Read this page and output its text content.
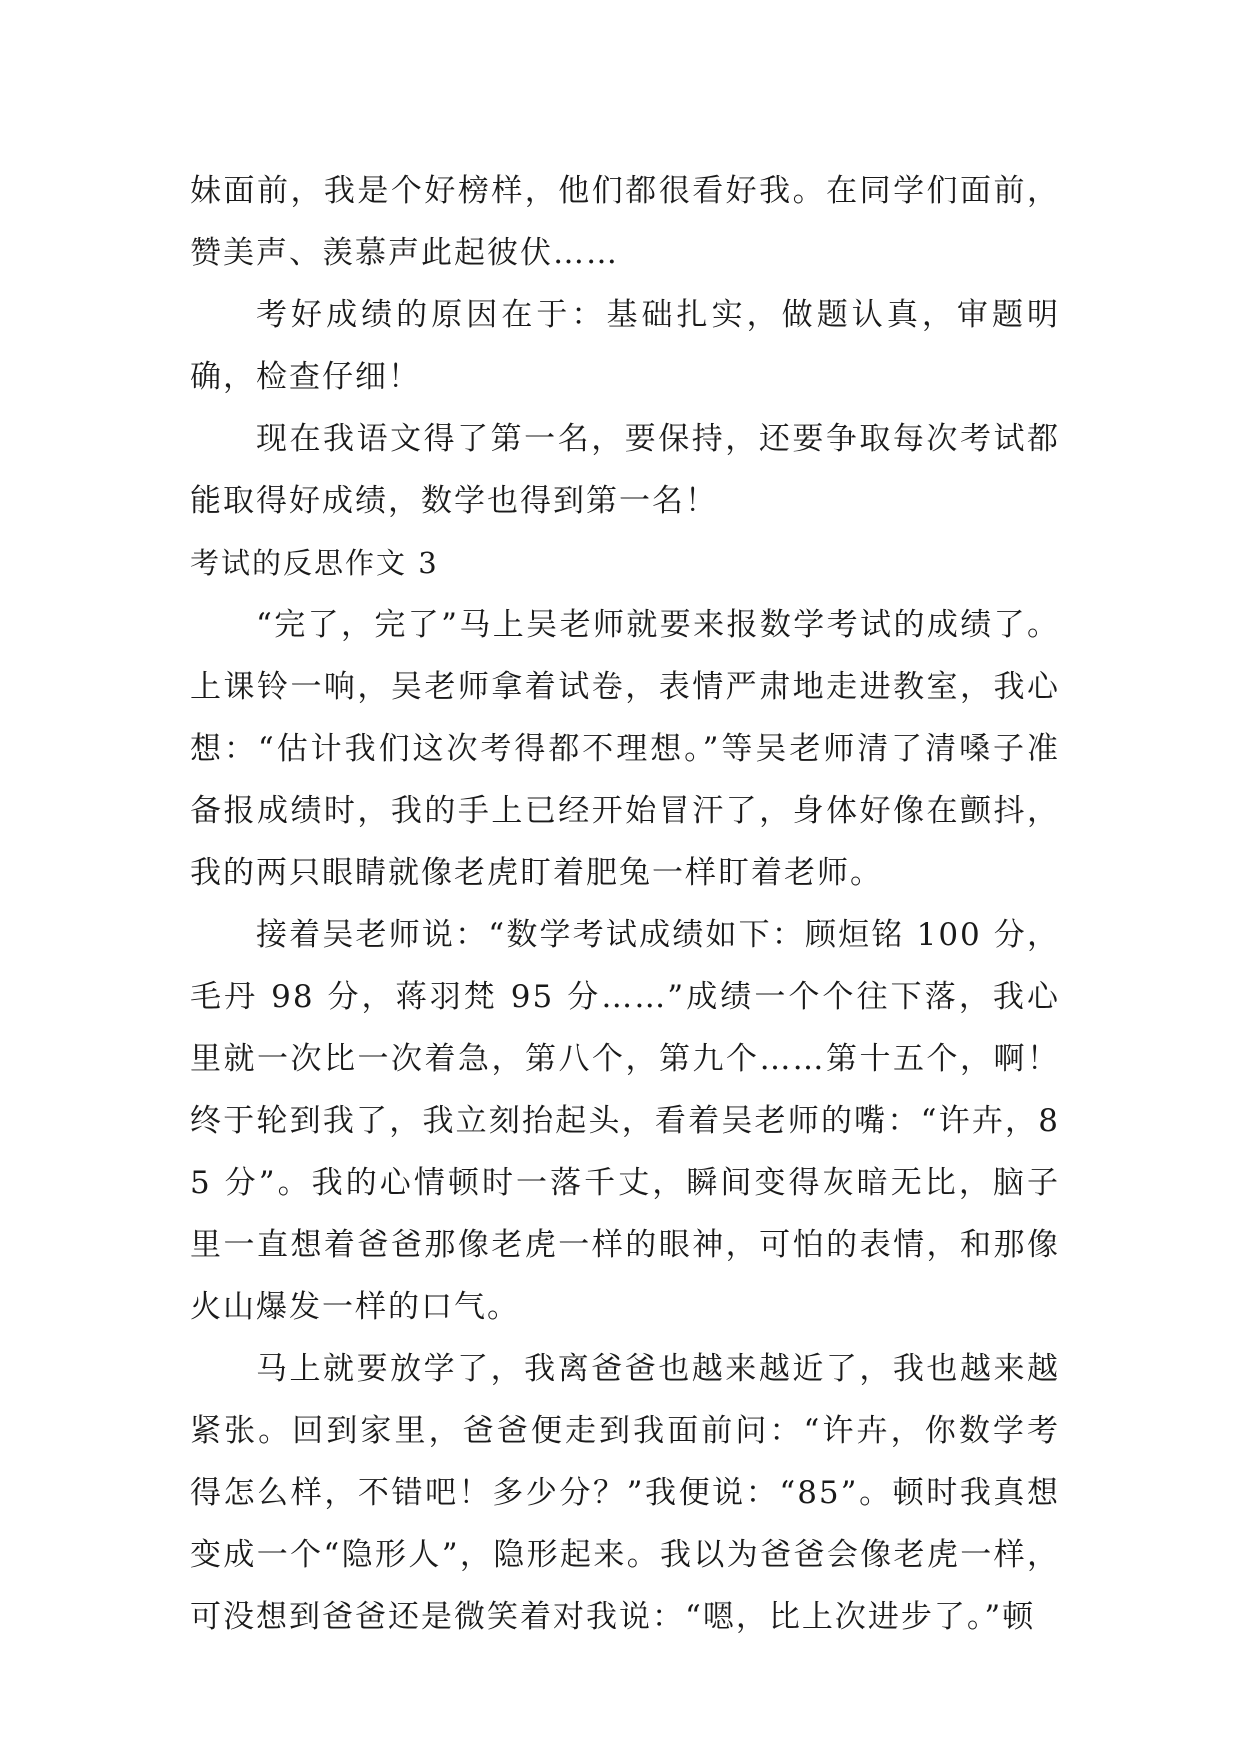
妹面前，我是个好榜样，他们都很看好我。在同学们面前，赞美声、羡慕声此起彼伏……

考好成绩的原因在于：基础扎实，做题认真，审题明确，检查仔细！

现在我语文得了第一名，要保持，还要争取每次考试都能取得好成绩，数学也得到第一名！

考试的反思作文 3

“完了，完了”马上吴老师就要来报数学考试的成绩了。上课铃一响，吴老师拿着试卷，表情严肃地走进教室，我心想：“估计我们这次考得都不理想。”等吴老师清了清嗓子准备报成绩时，我的手上已经开始冒汗了，身体好像在颤抖，我的两只眼睛就像老虎盯着肥兔一样盯着老师。

接着吴老师说：“数学考试成绩如下：顾烜铭 100 分，毛丹 98 分，蒋羽梵 95 分……”成绩一个个往下落，我心里就一次比一次着急，第八个，第九个……第十五个，啊！终于轮到我了，我立刻抬起头，看着吴老师的嘴：“许卉，85 分”。我的心情顿时一落千丈，瞬间变得灰暗无比，脑子里一直想着爸爸那像老虎一样的眼神，可怕的表情，和那像火山爆发一样的口气。

马上就要放学了，我离爸爸也越来越近了，我也越来越紧张。回到家里，爸爸便走到我面前问：“许卉，你数学考得怎么样，不错吧！多少分？”我便说：“85”。顿时我真想变成一个“隐形人”，隐形起来。我以为爸爸会像老虎一样，可没想到爸爸还是微笑着对我说：“嗯，比上次进步了。”顿
